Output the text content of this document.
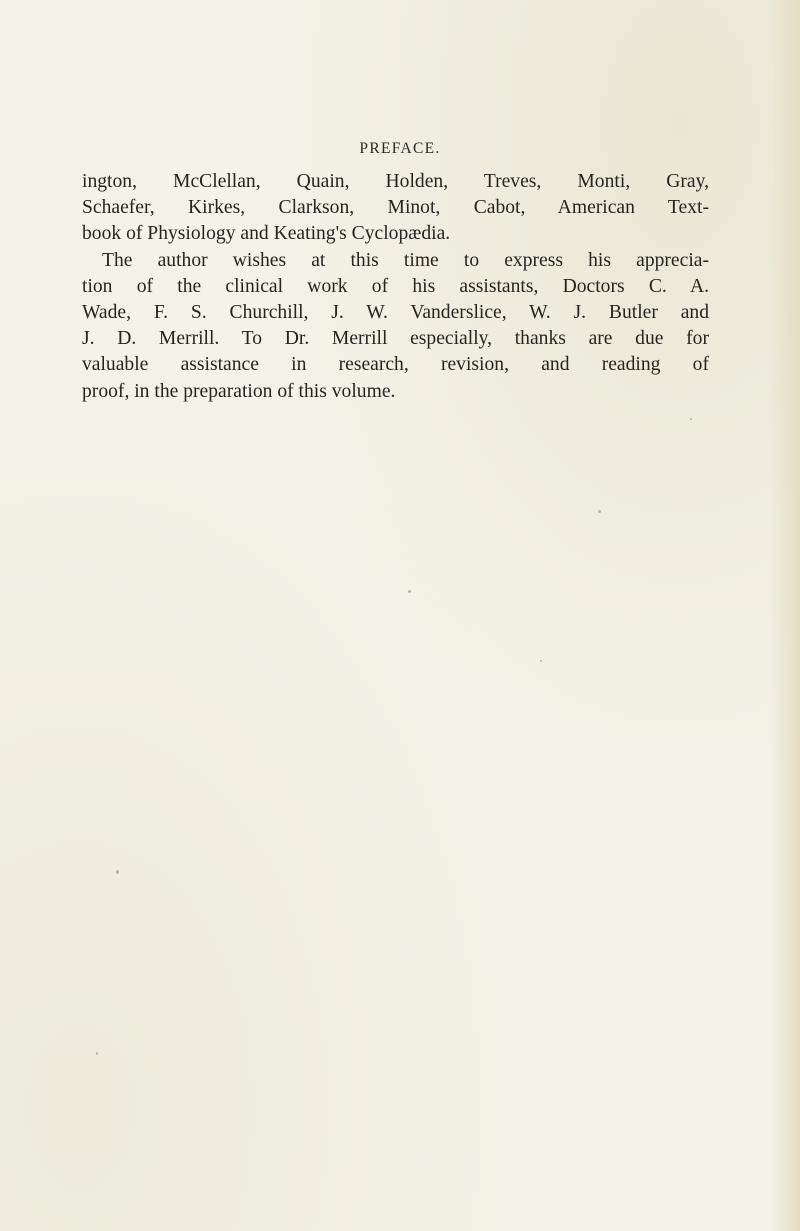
PREFACE.
ington, McClellan, Quain, Holden, Treves, Monti, Gray,
Schaefer, Kirkes, Clarkson, Minot, Cabot, American Text-
book of Physiology and Keating's Cyclopædia.
The author wishes at this time to express his apprecia-
tion of the clinical work of his assistants, Doctors C. A.
Wade, F. S. Churchill, J. W. Vanderslice, W. J. Butler and
J. D. Merrill. To Dr. Merrill especially, thanks are due for
valuable assistance in research, revision, and reading of
proof, in the preparation of this volume.
